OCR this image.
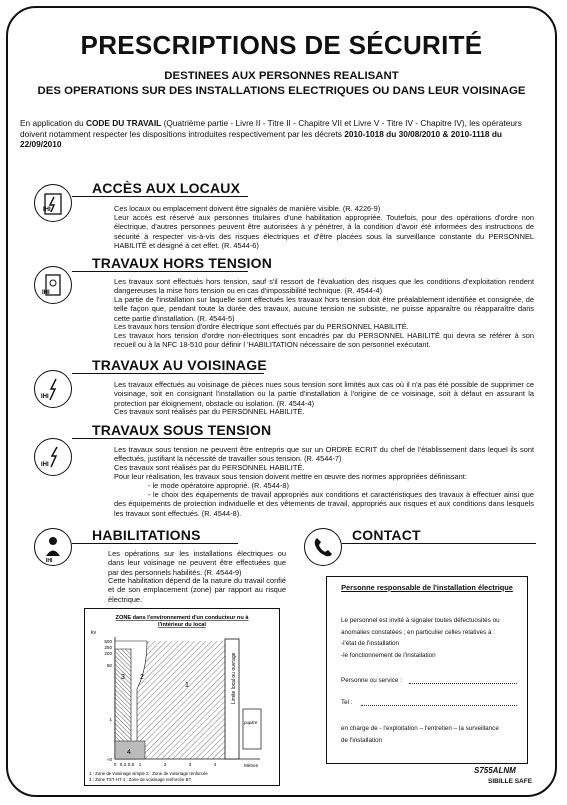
PRESCRIPTIONS DE SÉCURITÉ
DESTINEES AUX PERSONNES REALISANT
DES OPERATIONS SUR DES INSTALLATIONS ELECTRIQUES OU DANS LEUR VOISINAGE
En application du CODE DU TRAVAIL (Quatrième partie - Livre II - Titre II - Chapitre VII et Livre V - Titre IV - Chapitre IV), les opérateurs doivent notamment respecter les dispositions introduites respectivement par les décrets 2010-1018 du 30/08/2010 & 2010-1118 du 22/09/2010
IHI
ACCÈS AUX LOCAUX
Ces locaux ou emplacement doivent être signalés de manière visible. (R. 4226-9)
Leur accès est réservé aux personnes titulaires d'une habilitation appropriée. Toutefois, pour des opérations d'ordre non électrique, d'autres personnes peuvent être autorisées à y pénétrer, à la condition d'avoir été informées des instructions de sécurité à respecter vis-à-vis des risques électriques et d'être placées sous la surveillance constante du PERSONNEL HABILITÉ et désigné à cet effet. (R. 4544-6)
IHI
TRAVAUX HORS TENSION
Les travaux sont effectués hors tension, sauf s'il ressort de l'évaluation des risques que les conditions d'exploitation rendent dangereuses la mise hors tension ou en cas d'impossibilité technique. (R. 4544-4)
La partie de l'installation sur laquelle sont effectués les travaux hors tension doit être préalablement identifiée et consignée, de telle façon que, pendant toute la durée des travaux, aucune tension ne subsiste, ne puisse apparaître ou réapparaître dans cette partie d'installation. (R. 4544-5)
Les travaux hors tension d'ordre électrique sont effectués par du PERSONNEL HABILITÉ.
Les travaux hors tension d'ordre non-électriques sont encadrés par du PERSONNEL HABILITÉ qui devra se référer à son recueil ou à la NFC 18-510 pour définir l 'HABILITATION nécessaire de son personnel exécutant.
IHI
TRAVAUX AU VOISINAGE
Les travaux effectués au voisinage de pièces nues sous tension sont limités aux cas où il n'a pas été possible de supprimer ce voisinage, soit en consignant l'installation ou la partie d'installation à l'origine de ce voisinage, soit à défaut en assurant la protection par éloignement, obstacle ou isolation. (R. 4544-4)
Ces travaux sont réalisés par du PERSONNEL HABILITÉ.
IHI
TRAVAUX SOUS TENSION
Les travaux sous tension ne peuvent être entrepris que sur un ORDRE ECRIT du chef de l'établissement dans lequel ils sont effectués, justifiant la nécessité de travailler sous tension. (R. 4544-7)
Ces travaux sont réalisés par du PERSONNEL HABILITÉ.
Pour leur réalisation, les travaux sous tension doivent mettre en œuvre des normes appropriées définissant:
- le mode opératoire approprié. (R. 4544-8)
- le choix des équipements de travail appropriés aux conditions et caractéristiques des travaux à effectuer ainsi que des équipements de protection individuelle et des vêtements de travail, appropriés aux risques et aux conditions dans lesquels les travaux sont effectués. (R. 4544-8).
IHI
HABILITATIONS
Les opérations sur les installations électriques ou dans leur voisinage ne peuvent être effectuées que par des personnels habilités. (R. 4544-9)
Cette habilitation dépend de la nature du travail confié et de son emplacement (zone) par rapport au risque électrique.
CONTACT
Personne responsable de l'installation électrique
Le personnel est invité à signaler toutes défectuosités ou
anomalies constatées ; en particulier celles relatives à :
-l'état de l'installation
-le fonctionnement de l'installation
Personne ou service :
Tel :
en charge de - l'exploitation – l'entretien – la surveillance
de l'installation
ZONE dans l'environnement d'un conducteur nu à
l'intérieur du local
kv
Limite local ou ouvrage
pupitre
1
2
3
4
500
250
200
50
1
≈0
0 0,3 0,6 1	2	3	4	Mètres
1 : Zone de voisinage simple 2 : Zone de voisinage renforcée
3 : Zone TST HT 4 : Zone de voisinage renforcée BT
S755ALNM
SIBILLE SAFE
